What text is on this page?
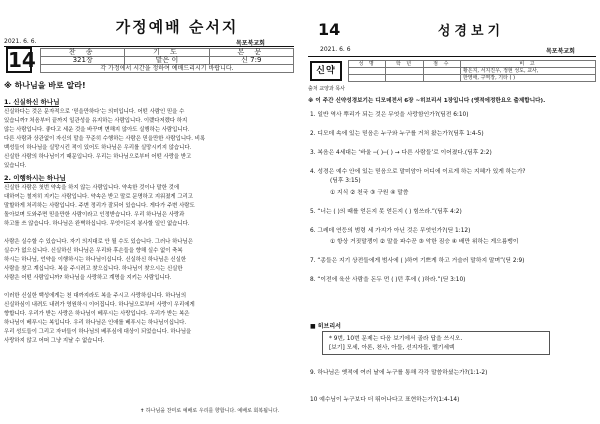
가정예배 순서지
2021. 6. 6.	목포북교회
14	찬 송	기 도	본 문
321장	맡은 이	신 7:9
각 가정에서 시간을 정하여 예배드리시기 바랍니다.		
※ 하나님을 바로 알라!
1. 신실하신 하나님
신실하다는 것은 문자적으로 ‘믿을만하다’는 의미입니다. 어떤 사람인 믿을 수
있습니까? 처음부터 끝까지 일관성을 유지하는 사람입니다. 이랬다저랬다 하지
않는 사람입니다. 좋다고 세운 것을 바꾸며 변해지 않아도 실행하는 사람입니다.
다른 사람과 상관없이 자신의 말을 꾸준히 수행하는 사람은 믿을만한 사람입니다. 비록
백성들이 하나님을 실망시킨 적이 있어도 하나님은 우리를 실망시키지 않습니다.
신실한 사람의 하나님이기 때문입니다. 우리는 하나님으로부터 어떤 사랑을 받고
있습니다.
2. 이행하시는 하나님
신실한 사람은 첫번 약속을 하지 않는 사람입니다. 약속한 것이나 말한 것에
대하여는 철저히 지키는 사람입니다. 약속은 받고 말로 문명하고 지워졌게 그리고
말할하게 처리하는 사람입니다. 주변 정리가 잘되어 있습니다. 게다가 주변 사람도
돌아보며 도와주면 믿을만한 사람이라고 인정받습니다. 우리 하나님은 사랑과
하고를 쓰 않습니다. 하나님은 완벽하십니다. 무엇이든지 봉사할 일인 없습니다.

사람은 실수할 수 있습니다. 자기 의지대로 안 될 수도 있습니다. 그러나 하나님은
실수가 없으십니다. 신실하신 하나님은 우리와 후손들을 향해 실수 없이 축복
하시는 하나님, 언약을 이행하시는 하나님이십니다. 신실하신 하나님은 신실한
사람을 찾고 계십니다. 복을 주시려고 찾으십니다. 하나님이 찾으시는 신실한
사람은 어떤 사람입니까? 하나님을 사랑하고 계명을 지키는 사람입니다.

이러한 신실한 백성에게는 천 대까지라도 복을 주시고 사랑하십니다. 하나님의
신실하심이 내려도 내려가 영원하시 이어집니다. 하나님으로부터 사랑이 우리에게
향합니다. 우리가 받는 사랑은 하나님이 베푸시는 사랑입니다. 우리가 받는 복은
하나님이 베푸시는 복입니다. 우리 하나님은 인애를 베푸시는 하나님이십니다.
우리 성도들이 그리고 자녀들이 하나님의 베푸심에 대상이 되었습니다. 하나님을
사랑하지 않고 어떠 그냥 지날 수 없습니다.
✝ 하나님을 찬미로 예배로 우리를 향합니다. 예배로 회복됩니다.
14	성경보기
2021. 6. 6	목포북교회
신약
출처 교양과 목사
성 명	학 년	점 수	비 고
			황은지, 서지진우, 정현 성도, 교사,
			한영애, 구역장, 기타 ( )
※ 이 주간 신약성경보기는 디모데전서 6장 ~히브리서 1장입니다 (옛적에정한요오 출제합니다).
1. 일반 역사 뿌리가 되는 것은 무엇을 사랑함인가?(딤전 6:10)
2. 디모데 속에 있는 믿음은 누구와 누구를 거처 왔는가?(딤후 1:4-5)
3. 복음은 4세대는 ‘바울 ─( )─( ) → 다른 사람들’로 이어졌다.(딤후 2:2)
4. 성경은 예수 안에 있는 믿음으로 말미암아 어디에 이르게 하는 지혜가 있게 하는가?
(딤후 3:15)
① 지식 ② 천국 ③ 구원 ④ 말씀
5. “너는 ( )의 때를 얻든지 못 얻든지 ( ) 힘쓰라.”(딤후 4:2)
6. 그레데 연등의 범령 세 가지가 아닌 것은 무엇인가?(딛 1:12)
① 항상 거짓말쟁이 ② 말을 파수꾼 ③ 악한 짐승 ④ 배만 위하는 게으름뱅이
7. “종들은 지기 상전들에게 범사에 ( )하여 기쁘게 하고 거슬러 말하지 말며”(딛 2:9)
8. “이전에 육산 사람을 돈두 먼 ( )던 후에 ( )하라.”(딛 3:10)
■ 히브리서
* 9번, 10번 문제는 다음 보기에서 골라 답을 쓰시오.
[보기] 모세, 아론, 천사, 아들, 선지자들, 멜기세덱
9. 하나님은 옛적에 여러 날에 누구를 통해 각각 말씀하셨는가?(1:1-2)
10 예수님이 누구보다 더 뛰어나다고 표현하는가?(1:4-14)
